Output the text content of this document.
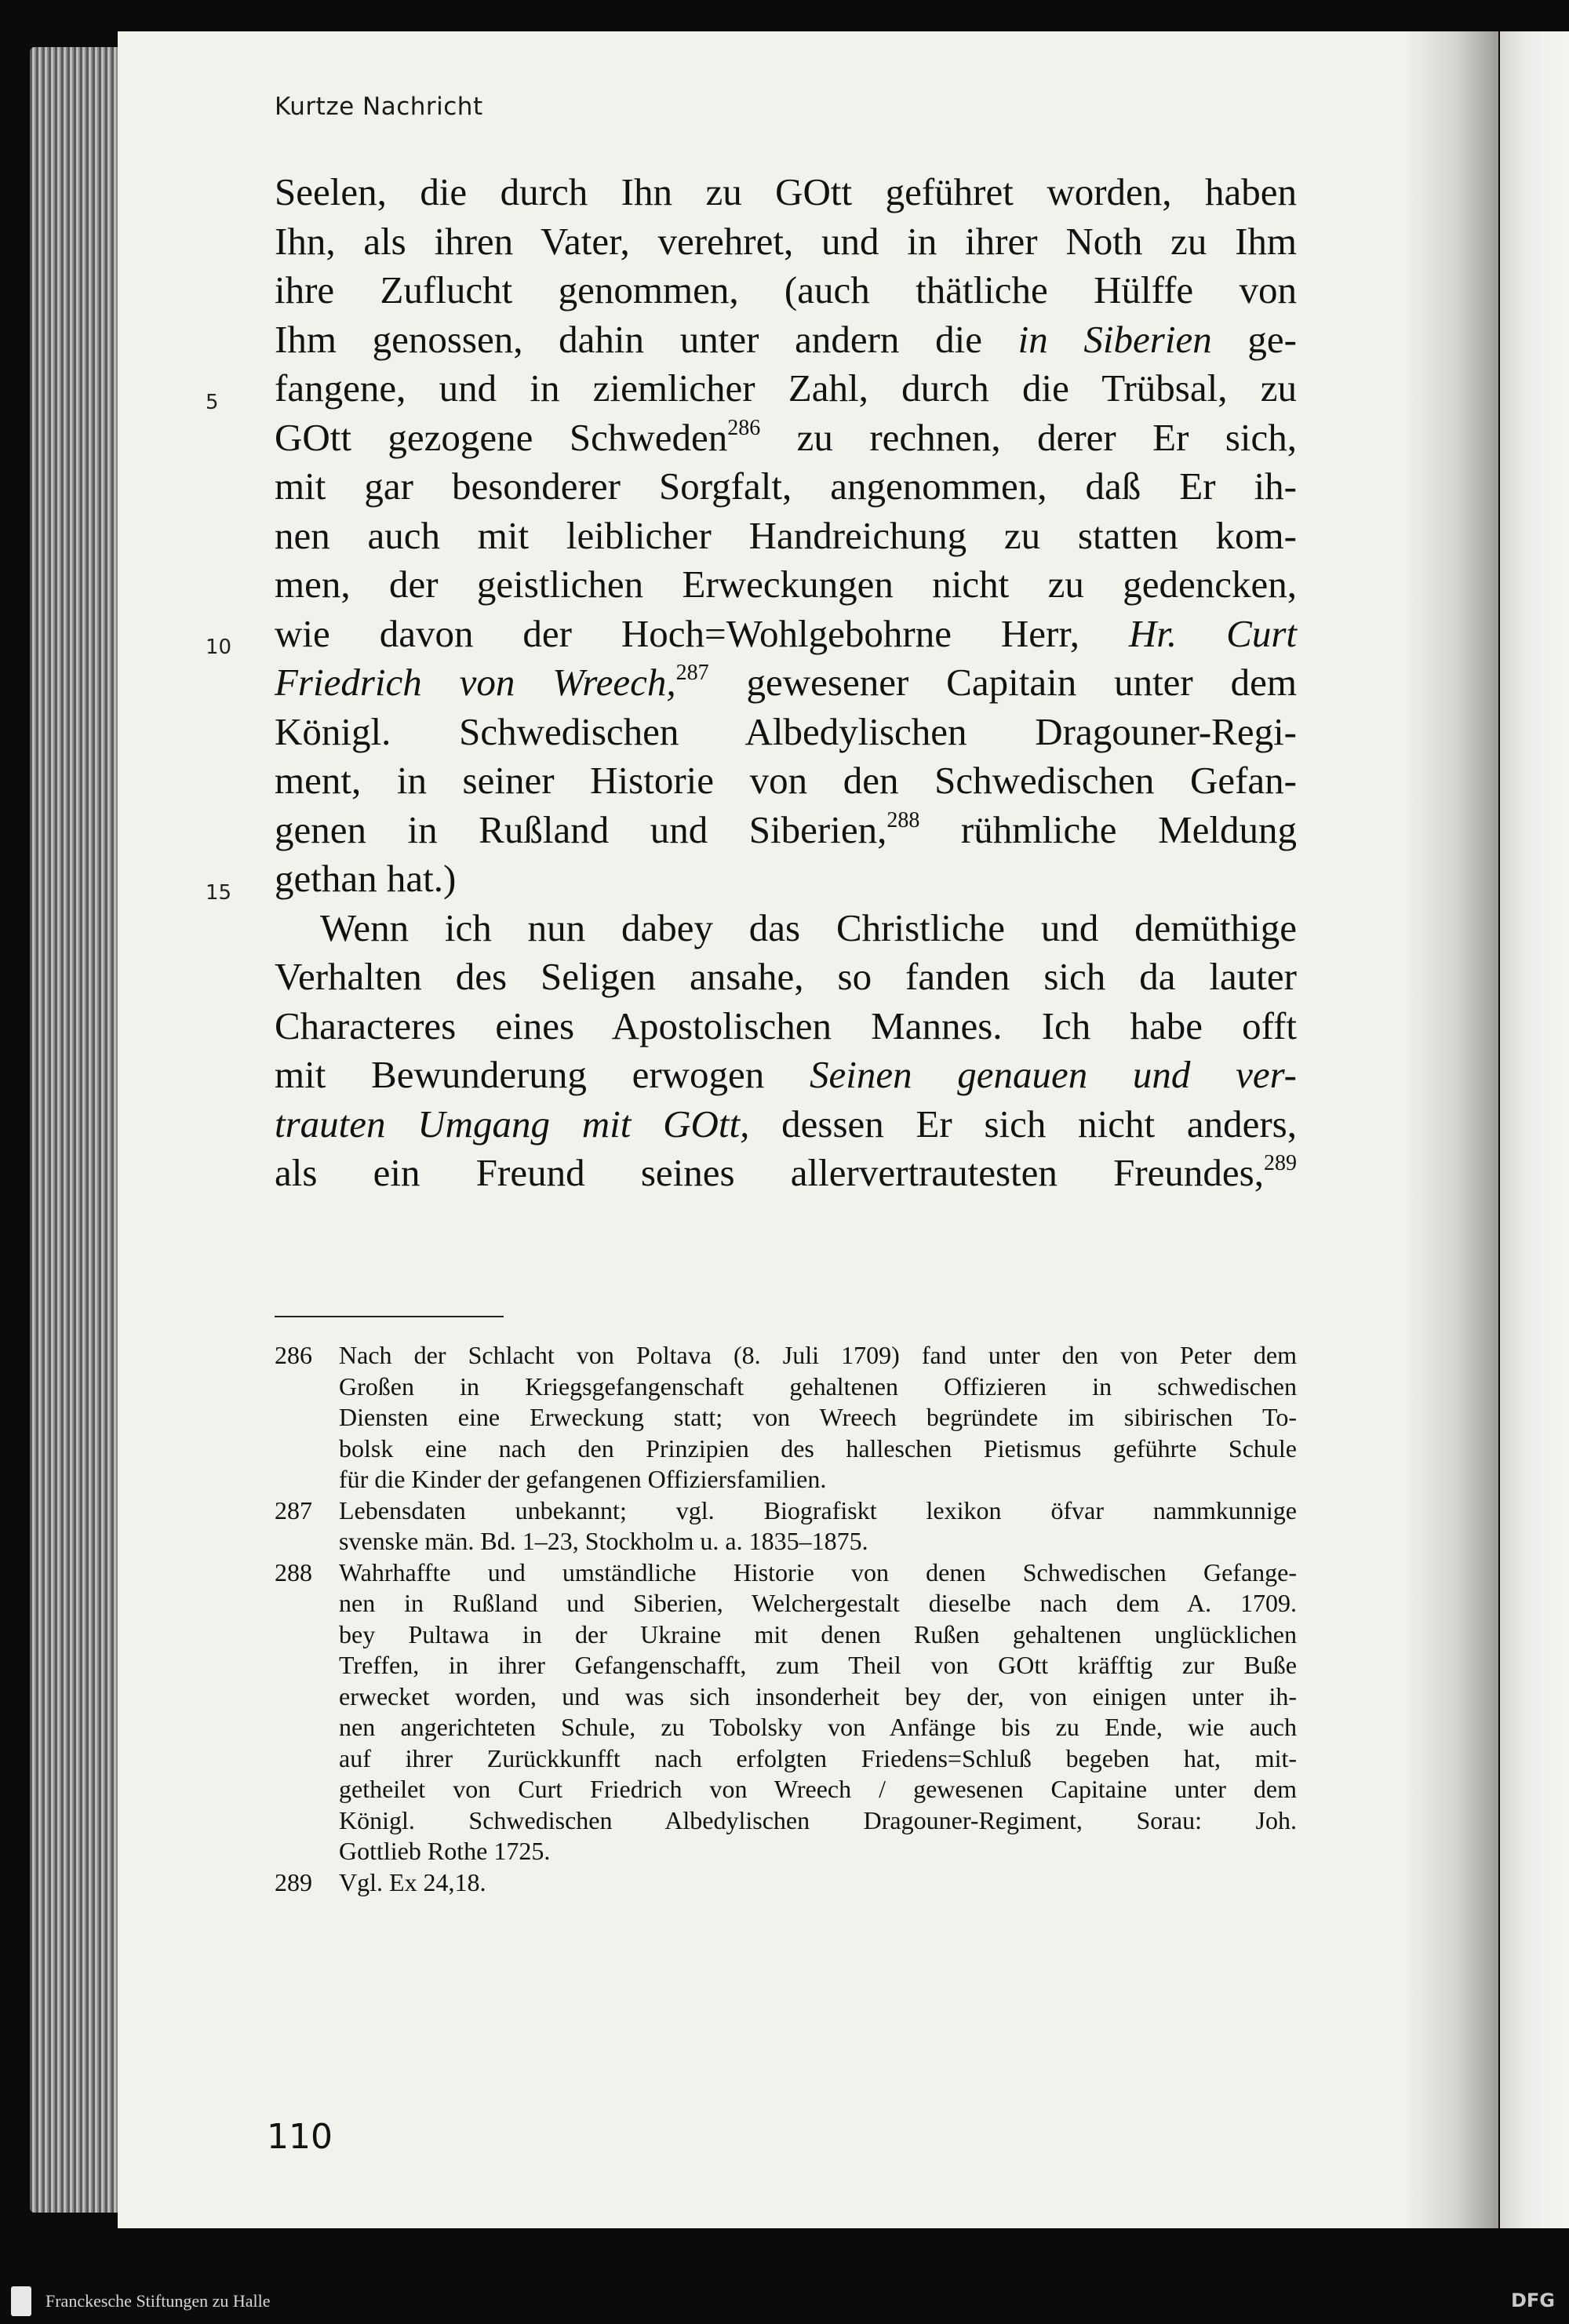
Kurtze Nachricht
5
10
15
Seelen, die durch Ihn zu GOtt geführet worden, haben
Ihn, als ihren Vater, verehret, und in ihrer Noth zu Ihm
ihre Zuflucht genommen, (auch thätliche Hülffe von
Ihm genossen, dahin unter andern die in Siberien ge-
fangene, und in ziemlicher Zahl, durch die Trübsal, zu
GOtt gezogene Schweden$^{286}$ zu rechnen, derer Er sich,
mit gar besonderer Sorgfalt, angenommen, daß Er ih-
nen auch mit leiblicher Handreichung zu statten kom-
men, der geistlichen Erweckungen nicht zu gedencken,
wie davon der Hoch=Wohlgebohrne Herr, Hr. Curt
Friedrich von Wreech,$^{287}$ gewesener Capitain unter dem
Königl. Schwedischen Albedylischen Dragouner-Regi-
ment, in seiner Historie von den Schwedischen Gefan-
genen in Rußland und Siberien,$^{288}$ rühmliche Meldung
gethan hat.)
Wenn ich nun dabey das Christliche und demüthige
Verhalten des Seligen ansahe, so fanden sich da lauter
Characteres eines Apostolischen Mannes. Ich habe offt
mit Bewunderung erwogen Seinen genauen und ver-
trauten Umgang mit GOtt, dessen Er sich nicht anders,
als ein Freund seines allervertrautesten Freundes,$^{289}$
286	Nach der Schlacht von Poltava (8. Juli 1709) fand unter den von Peter dem
Großen in Kriegsgefangenschaft gehaltenen Offizieren in schwedischen
Diensten eine Erweckung statt; von Wreech begründete im sibirischen To-
bolsk eine nach den Prinzipien des halleschen Pietismus geführte Schule
für die Kinder der gefangenen Offiziersfamilien.
287	Lebensdaten unbekannt; vgl. Biografiskt lexikon öfvar nammkunnige
svenske män. Bd. 1–23, Stockholm u. a. 1835–1875.
288	Wahrhaffte und umständliche Historie von denen Schwedischen Gefange-
nen in Rußland und Siberien, Welchergestalt dieselbe nach dem A. 1709.
bey Pultawa in der Ukraine mit denen Rußen gehaltenen unglücklichen
Treffen, in ihrer Gefangenschafft, zum Theil von GOtt kräfftig zur Buße
erwecket worden, und was sich insonderheit bey der, von einigen unter ih-
nen angerichteten Schule, zu Tobolsky von Anfänge bis zu Ende, wie auch
auf ihrer Zurückkunfft nach erfolgten Friedens=Schluß begeben hat, mit-
getheilet von Curt Friedrich von Wreech / gewesenen Capitaine unter dem
Königl. Schwedischen Albedylischen Dragouner-Regiment, Sorau: Joh.
Gottlieb Rothe 1725.
289	Vgl. Ex 24,18.
110
Franckesche Stiftungen zu Halle	DFG
